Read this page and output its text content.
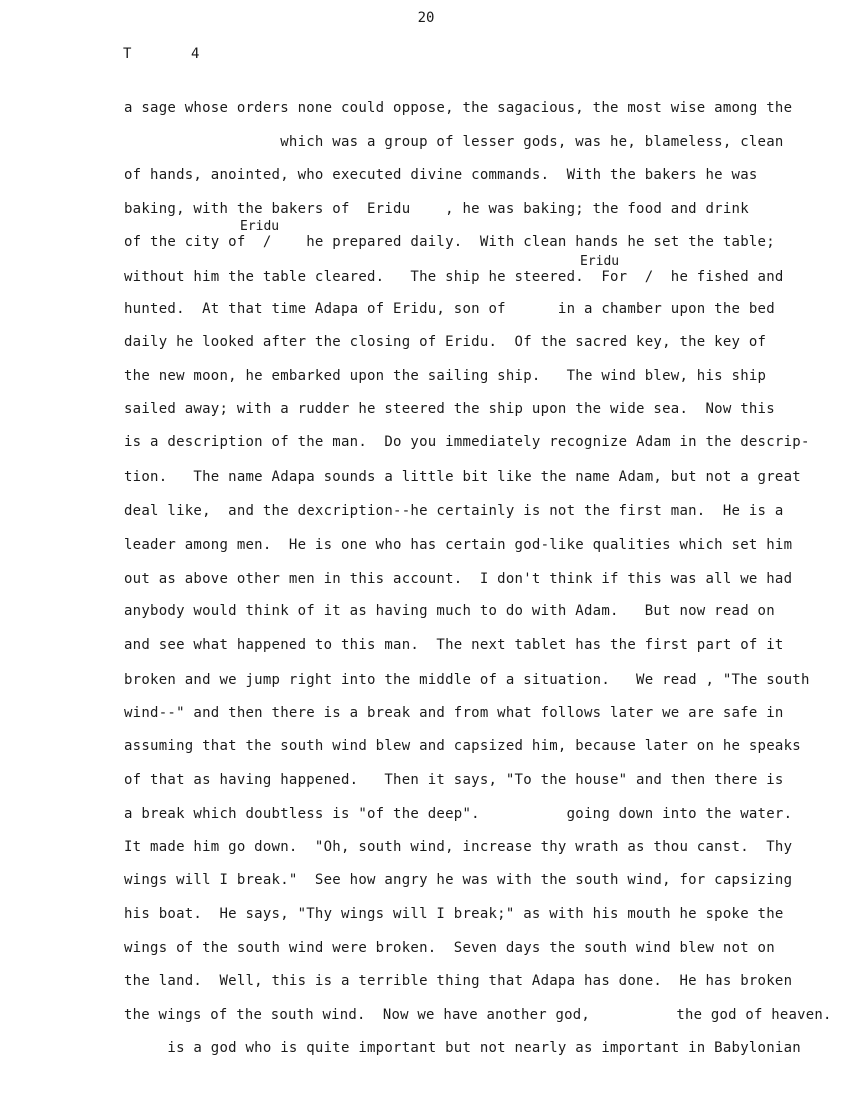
20
T	4
Eridu
Eridu
a sage whose orders none could oppose, the sagacious, the most wise among the
which was a group of lesser gods, was he, blameless, clean
of hands, anointed, who executed divine commands.  With the bakers he was
baking, with the bakers of  Eridu    , he was baking; the food and drink
of the city of  /    he prepared daily.  With clean hands he set the table;
without him the table cleared.   The ship he steered.  For  /  he fished and
hunted.  At that time Adapa of Eridu, son of      in a chamber upon the bed
daily he looked after the closing of Eridu.  Of the sacred key, the key of
the new moon, he embarked upon the sailing ship.   The wind blew, his ship
sailed away; with a rudder he steered the ship upon the wide sea.  Now this
is a description of the man.  Do you immediately recognize Adam in the descrip-
tion.   The name Adapa sounds a little bit like the name Adam, but not a great
deal like,  and the dexcription--he certainly is not the first man.  He is a
leader among men.  He is one who has certain god-like qualities which set him
out as above other men in this account.  I don't think if this was all we had
anybody would think of it as having much to do with Adam.   But now read on
and see what happened to this man.  The next tablet has the first part of it
broken and we jump right into the middle of a situation.   We read , "The south
wind--" and then there is a break and from what follows later we are safe in
assuming that the south wind blew and capsized him, because later on he speaks
of that as having happened.   Then it says, "To the house" and then there is
a break which doubtless is "of the deep".          going down into the water.
It made him go down.  "Oh, south wind, increase thy wrath as thou canst.  Thy
wings will I break."  See how angry he was with the south wind, for capsizing
his boat.  He says, "Thy wings will I break;" as with his mouth he spoke the
wings of the south wind were broken.  Seven days the south wind blew not on
the land.  Well, this is a terrible thing that Adapa has done.  He has broken
the wings of the south wind.  Now we have another god,          the god of heaven.
is a god who is quite important but not nearly as important in Babylonian
